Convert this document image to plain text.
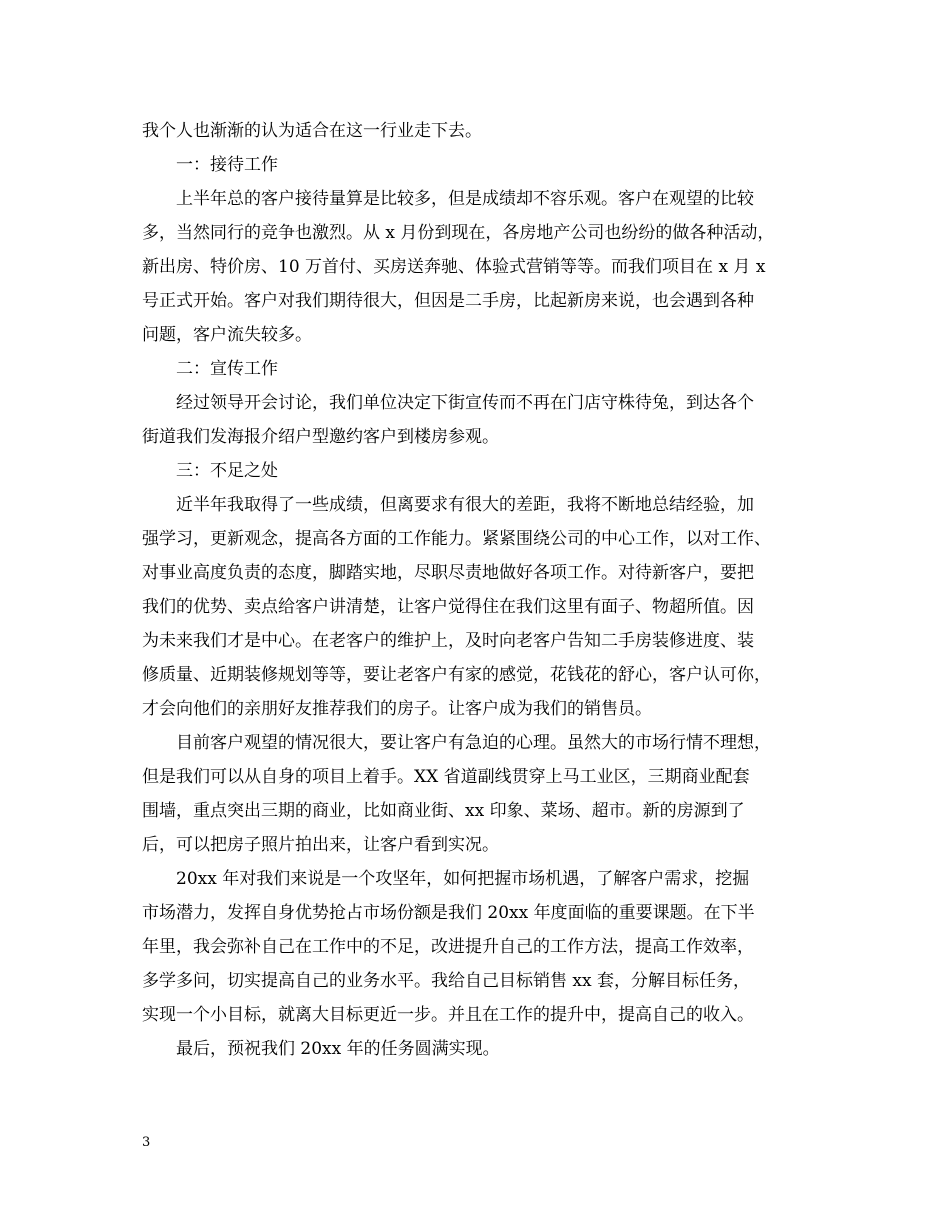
我个人也渐渐的认为适合在这一行业走下去。
一：接待工作
上半年总的客户接待量算是比较多，但是成绩却不容乐观。客户在观望的比较
多，当然同行的竞争也激烈。从 x 月份到现在，各房地产公司也纷纷的做各种活动，
新出房、特价房、10 万首付、买房送奔驰、体验式营销等等。而我们项目在 x 月 x
号正式开始。客户对我们期待很大，但因是二手房，比起新房来说，也会遇到各种
问题，客户流失较多。
二：宣传工作
经过领导开会讨论，我们单位决定下街宣传而不再在门店守株待兔，到达各个
街道我们发海报介绍户型邀约客户到楼房参观。
三：不足之处
近半年我取得了一些成绩，但离要求有很大的差距，我将不断地总结经验，加
强学习，更新观念，提高各方面的工作能力。紧紧围绕公司的中心工作，以对工作、
对事业高度负责的态度，脚踏实地，尽职尽责地做好各项工作。对待新客户，要把
我们的优势、卖点给客户讲清楚，让客户觉得住在我们这里有面子、物超所值。因
为未来我们才是中心。在老客户的维护上，及时向老客户告知二手房装修进度、装
修质量、近期装修规划等等，要让老客户有家的感觉，花钱花的舒心，客户认可你，
才会向他们的亲朋好友推荐我们的房子。让客户成为我们的销售员。
目前客户观望的情况很大，要让客户有急迫的心理。虽然大的市场行情不理想，
但是我们可以从自身的项目上着手。XX 省道副线贯穿上马工业区，三期商业配套
围墙，重点突出三期的商业，比如商业街、xx 印象、菜场、超市。新的房源到了
后，可以把房子照片拍出来，让客户看到实况。
20xx 年对我们来说是一个攻坚年，如何把握市场机遇，了解客户需求，挖掘
市场潜力，发挥自身优势抢占市场份额是我们 20xx 年度面临的重要课题。在下半
年里，我会弥补自己在工作中的不足，改进提升自己的工作方法，提高工作效率，
多学多问，切实提高自己的业务水平。我给自己目标销售 xx 套，分解目标任务，
实现一个小目标，就离大目标更近一步。并且在工作的提升中，提高自己的收入。
最后，预祝我们 20xx 年的任务圆满实现。
3
